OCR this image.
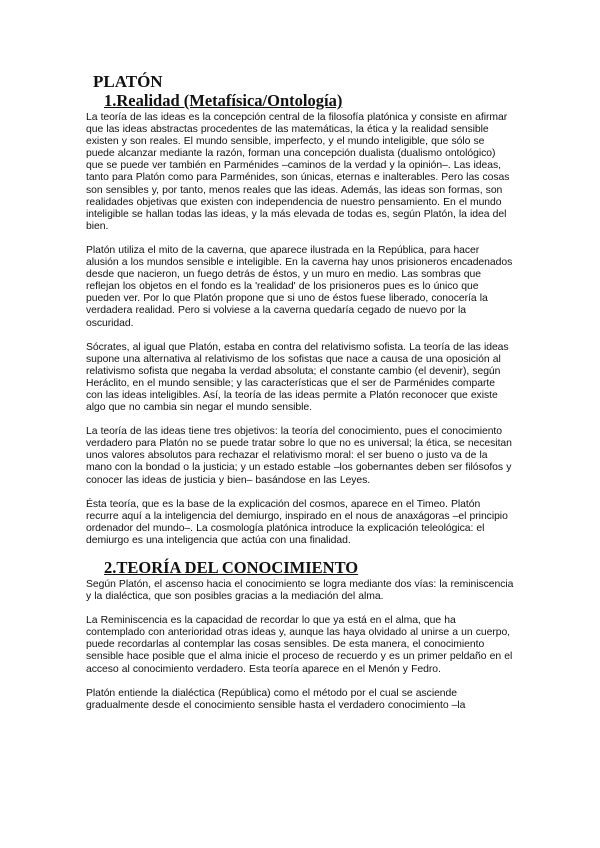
PLATÓN
1.Realidad (Metafísica/Ontología)

La teoría de las ideas es la concepción central de la filosofía platónica y consiste en afirmar que las ideas abstractas procedentes de las matemáticas, la ética y la realidad sensible existen y son reales. El mundo sensible, imperfecto, y el mundo inteligible, que sólo se puede alcanzar mediante la razón, forman una concepción dualista (dualismo ontológico) que se puede ver también en Parménides –caminos de la verdad y la opinión–. Las ideas, tanto para Platón como para Parménides, son únicas, eternas e inalterables. Pero las cosas son sensibles y, por tanto, menos reales que las ideas. Además, las ideas son formas, son realidades objetivas que existen con independencia de nuestro pensamiento. En el mundo inteligible se hallan todas las ideas, y la más elevada de todas es, según Platón, la idea del bien.

Platón utiliza el mito de la caverna, que aparece ilustrada en la República, para hacer alusión a los mundos sensible e inteligible. En la caverna hay unos prisioneros encadenados desde que nacieron, un fuego detrás de éstos, y un muro en medio. Las sombras que reflejan los objetos en el fondo es la 'realidad' de los prisioneros pues es lo único que pueden ver. Por lo que Platón propone que si uno de éstos fuese liberado, conocería la verdadera realidad. Pero si volviese a la caverna quedaría cegado de nuevo por la oscuridad.

Sócrates, al igual que Platón, estaba en contra del relativismo sofista. La teoría de las ideas supone una alternativa al relativismo de los sofistas que nace a causa de una oposición al relativismo sofista que negaba la verdad absoluta; el constante cambio (el devenir), según Heráclito, en el mundo sensible; y las características que el ser de Parménides comparte con las ideas inteligibles. Así, la teoría de las ideas permite a Platón reconocer que existe algo que no cambia sin negar el mundo sensible.

La teoría de las ideas tiene tres objetivos: la teoría del conocimiento, pues el conocimiento verdadero para Platón no se puede tratar sobre lo que no es universal; la ética, se necesitan unos valores absolutos para rechazar el relativismo moral: el ser bueno o justo va de la mano con la bondad o la justicia; y un estado estable –los gobernantes deben ser filósofos y conocer las ideas de justicia y bien– basándose en las Leyes.

Ésta teoría, que es la base de la explicación del cosmos, aparece en el Timeo. Platón recurre aquí a la inteligencia del demiurgo, inspirado en el nous de anaxágoras –el principio ordenador del mundo–. La cosmología platónica introduce la explicación teleológica: el demiurgo es una inteligencia que actúa con una finalidad.

2.TEORÍA DEL CONOCIMIENTO

Según Platón, el ascenso hacia el conocimiento se logra mediante dos vías: la reminiscencia y la dialéctica, que son posibles gracias a la mediación del alma.

La Reminiscencia es la capacidad de recordar lo que ya está en el alma, que ha contemplado con anterioridad otras ideas y, aunque las haya olvidado al unirse a un cuerpo, puede recordarlas al contemplar las cosas sensibles. De esta manera, el conocimiento sensible hace posible que el alma inicie el proceso de recuerdo y es un primer peldaño en el acceso al conocimiento verdadero. Esta teoría aparece en el Menón y Fedro.

Platón entiende la dialéctica (República) como el método por el cual se asciende gradualmente desde el conocimiento sensible hasta el verdadero conocimiento –la
